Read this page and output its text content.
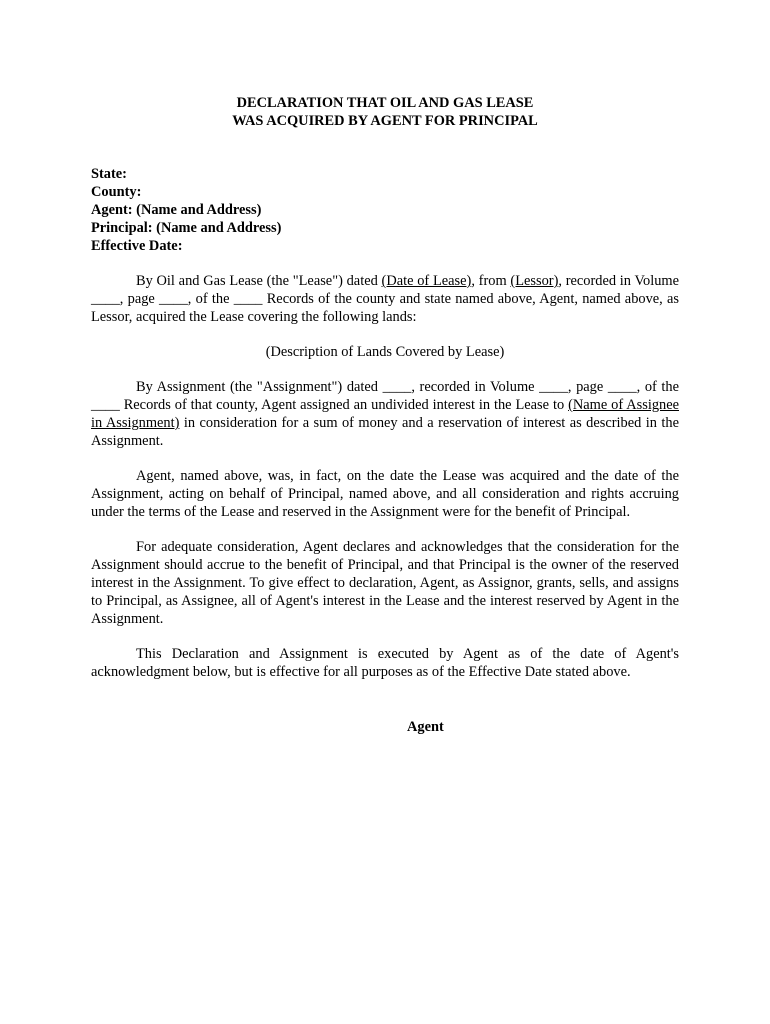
DECLARATION THAT OIL AND GAS LEASE
WAS ACQUIRED BY AGENT FOR PRINCIPAL
State:
County:
Agent: (Name and Address)
Principal: (Name and Address)
Effective Date:

By Oil and Gas Lease (the "Lease") dated (Date of Lease), from (Lessor), recorded in Volume ____, page ____, of the ____ Records of the county and state named above, Agent, named above, as Lessor, acquired the Lease covering the following lands:

(Description of Lands Covered by Lease)

By Assignment (the "Assignment") dated ____, recorded in Volume ____, page ____, of the ____ Records of that county, Agent assigned an undivided interest in the Lease to (Name of Assignee in Assignment) in consideration for a sum of money and a reservation of interest as described in the Assignment.

Agent, named above, was, in fact, on the date the Lease was acquired and the date of the Assignment, acting on behalf of Principal, named above, and all consideration and rights accruing under the terms of the Lease and reserved in the Assignment were for the benefit of Principal.

For adequate consideration, Agent declares and acknowledges that the consideration for the Assignment should accrue to the benefit of Principal, and that Principal is the owner of the reserved interest in the Assignment. To give effect to declaration, Agent, as Assignor, grants, sells, and assigns to Principal, as Assignee, all of Agent's interest in the Lease and the interest reserved by Agent in the Assignment.

This Declaration and Assignment is executed by Agent as of the date of Agent's acknowledgment below, but is effective for all purposes as of the Effective Date stated above.

Agent
